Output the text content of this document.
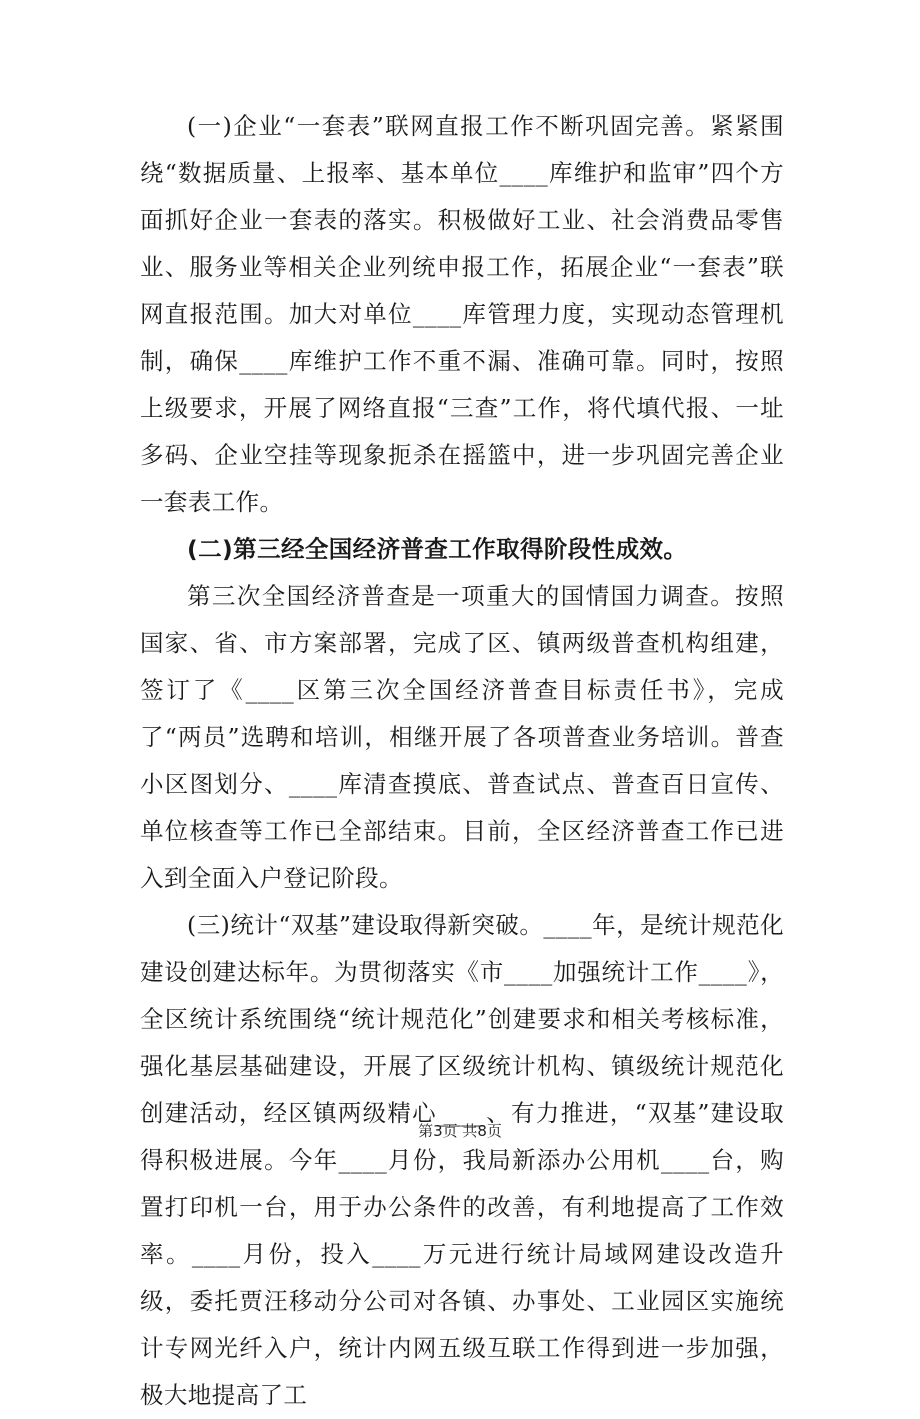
(一)企业“一套表”联网直报工作不断巩固完善。紧紧围绕“数据质量、上报率、基本单位____库维护和监审”四个方面抓好企业一套表的落实。积极做好工业、社会消费品零售业、服务业等相关企业列统申报工作，拓展企业“一套表”联网直报范围。加大对单位____库管理力度，实现动态管理机制，确保____库维护工作不重不漏、准确可靠。同时，按照上级要求，开展了网络直报“三查”工作，将代填代报、一址多码、企业空挂等现象扼杀在摇篮中，进一步巩固完善企业一套表工作。

(二)第三经全国经济普查工作取得阶段性成效。

第三次全国经济普查是一项重大的国情国力调查。按照国家、省、市方案部署，完成了区、镇两级普查机构组建，签订了《____区第三次全国经济普查目标责任书》，完成了“两员”选聘和培训，相继开展了各项普查业务培训。普查小区图划分、____库清查摸底、普查试点、普查百日宣传、单位核查等工作已全部结束。目前，全区经济普查工作已进入到全面入户登记阶段。

(三)统计“双基”建设取得新突破。____年，是统计规范化建设创建达标年。为贯彻落实《市____加强统计工作____》，全区统计系统围绕“统计规范化”创建要求和相关考核标准，强化基层基础建设，开展了区级统计机构、镇级统计规范化创建活动，经区镇两级精心____、有力推进，“双基”建设取得积极进展。今年____月份，我局新添办公用机____台，购置打印机一台，用于办公条件的改善，有利地提高了工作效率。____月份，投入____万元进行统计局域网建设改造升级，委托贾汪移动分公司对各镇、办事处、工业园区实施统计专网光纤入户，统计内网五级互联工作得到进一步加强，极大地提高了工

第3页 共8页
